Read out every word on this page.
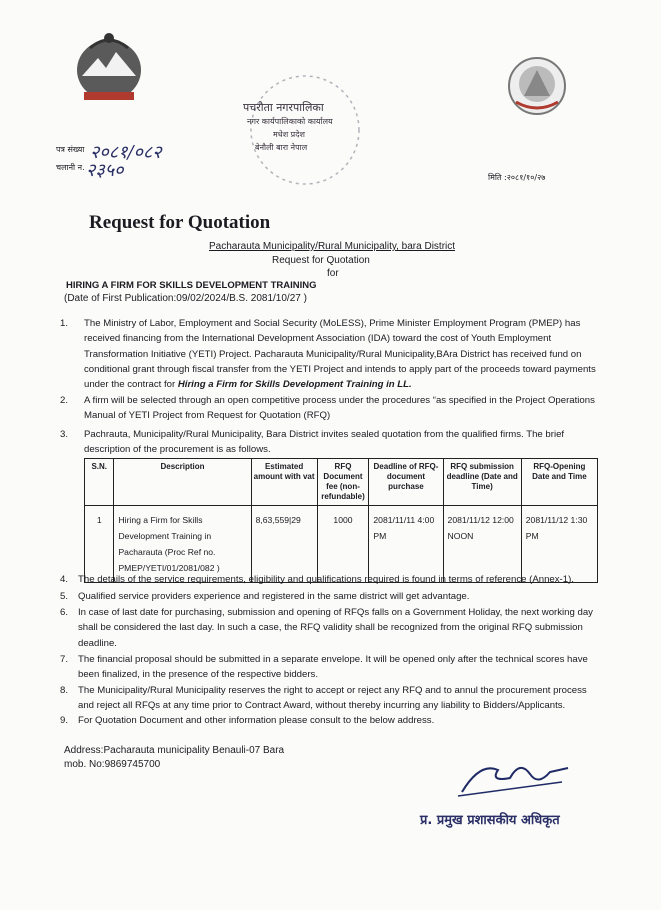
पचरौता नगरपालिका
नगर कार्यपालिकाको कार्यालय
मधेश प्रदेश
बेनौली बारा नेपाल
पत्र संख्या २०८१/०८२
चलानी न. २३५०	मिति :२०८१/१०/२७
Request for Quotation
Pacharauta Municipality/Rural Municipality, bara District
Request for Quotation
for
HIRING A FIRM FOR SKILLS DEVELOPMENT TRAINING
(Date of First Publication:09/02/2024/B.S. 2081/10/27 )
1. The Ministry of Labor, Employment and Social Security (MoLESS), Prime Minister Employment Program (PMEP) has received financing from the International Development Association (IDA) toward the cost of Youth Employment Transformation Initiative (YETI) Project. Pacharauta Municipality/Rural Municipality,BAra District has received fund on conditional grant through fiscal transfer from the YETI Project and intends to apply part of the proceeds toward payments under the contract for Hiring a Firm for Skills Development Training in LL.
2. A firm will be selected through an open competitive process under the procedures “as specified in the Project Operations Manual of YETI Project from Request for Quotation (RFQ)
3. Pachrauta, Municipality/Rural Municipality, Bara District invites sealed quotation from the qualified firms. The brief description of the procurement is as follows.
S.N.	Description	Estimated amount with vat	RFQ Document fee (non-refundable)	Deadline of RFQ-document purchase	RFQ submission deadline (Date and Time)	RFQ-Opening Date and Time
1	Hiring a Firm for Skills Development Training in Pacharauta (Proc Ref no. PMEP/YETI/01/2081/082 )	8,63,559|29	1000	2081/11/11 4:00 PM	2081/11/12 12:00 NOON	2081/11/12 1:30 PM
4. The details of the service requirements, eligibility and qualifications required is found in terms of reference (Annex-1).
5. Qualified service providers experience and registered in the same district will get advantage.
6. In case of last date for purchasing, submission and opening of RFQs falls on a Government Holiday, the next working day shall be considered the last day. In such a case, the RFQ validity shall be recognized from the original RFQ submission deadline.
7. The financial proposal should be submitted in a separate envelope. It will be opened only after the technical scores have been finalized, in the presence of the respective bidders.
8. The Municipality/Rural Municipality reserves the right to accept or reject any RFQ and to annul the procurement process and reject all RFQs at any time prior to Contract Award, without thereby incurring any liability to Bidders/Applicants.
9. For Quotation Document and other information please consult to the below address.
Address:Pacharauta municipality Benauli-07 Bara
mob. No:9869745700
प्र. प्रमुख प्रशासकीय अधिकृत
